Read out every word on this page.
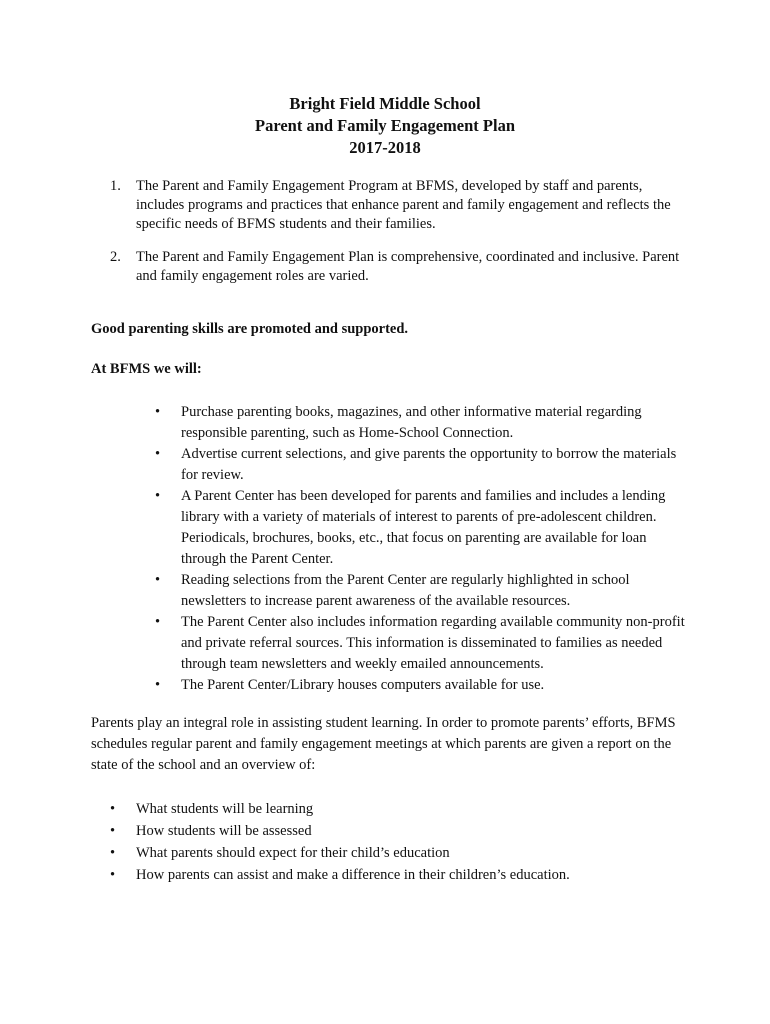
Bright Field Middle School
Parent and Family Engagement Plan
2017-2018
1. The Parent and Family Engagement Program at BFMS, developed by staff and parents, includes programs and practices that enhance parent and family engagement and reflects the specific needs of BFMS students and their families.
2. The Parent and Family Engagement Plan is comprehensive, coordinated and inclusive. Parent and family engagement roles are varied.
Good parenting skills are promoted and supported.
At BFMS we will:
• Purchase parenting books, magazines, and other informative material regarding responsible parenting, such as Home-School Connection.
• Advertise current selections, and give parents the opportunity to borrow the materials for review.
• A Parent Center has been developed for parents and families and includes a lending library with a variety of materials of interest to parents of pre-adolescent children. Periodicals, brochures, books, etc., that focus on parenting are available for loan through the Parent Center.
• Reading selections from the Parent Center are regularly highlighted in school newsletters to increase parent awareness of the available resources.
• The Parent Center also includes information regarding available community non-profit and private referral sources. This information is disseminated to families as needed through team newsletters and weekly emailed announcements.
• The Parent Center/Library houses computers available for use.
Parents play an integral role in assisting student learning. In order to promote parents’ efforts, BFMS schedules regular parent and family engagement meetings at which parents are given a report on the state of the school and an overview of:
• What students will be learning
• How students will be assessed
• What parents should expect for their child’s education
• How parents can assist and make a difference in their children’s education.
